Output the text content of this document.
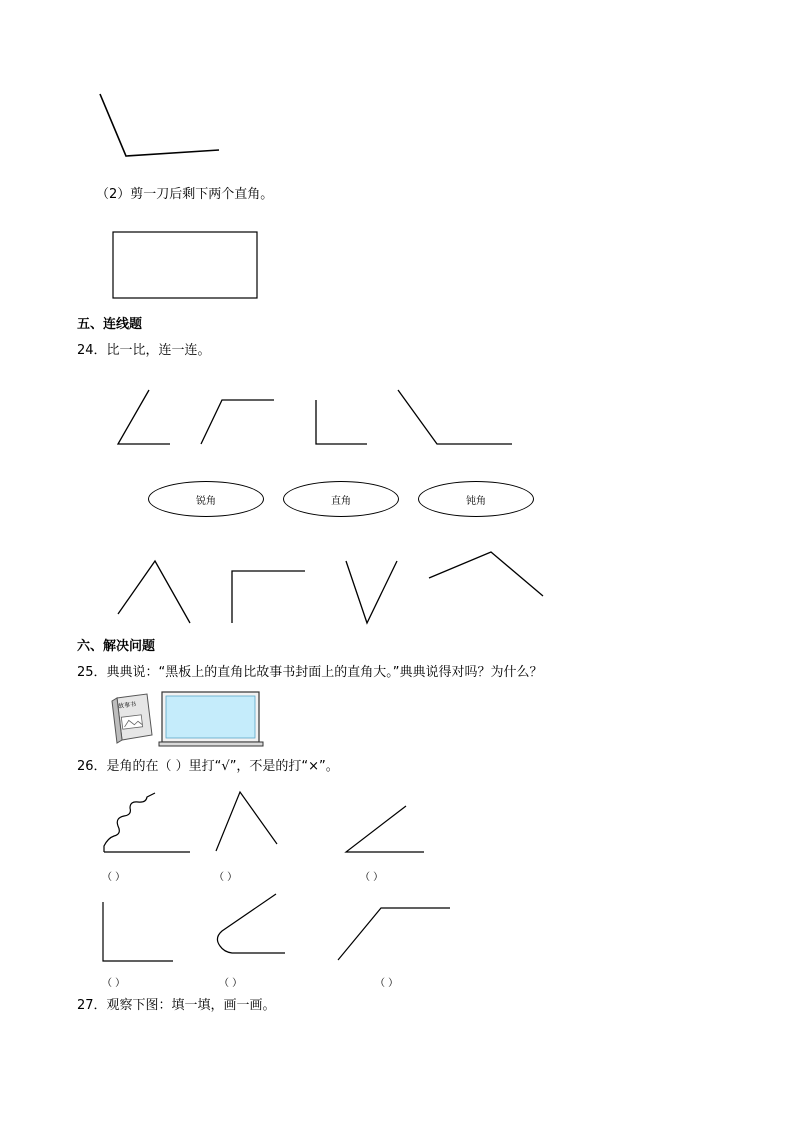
（2）剪一刀后剩下两个直角。
五、连线题
24．比一比，连一连。
锐角	直角	钝角
六、解决问题
25．典典说：“黑板上的直角比故事书封面上的直角大。”典典说得对吗？为什么？
故事书
26．是角的在（ ）里打“√”，不是的打“×”。
（ ）	（ ）	（ ）
（ ）	（ ）	（ ）
27．观察下图：填一填，画一画。
